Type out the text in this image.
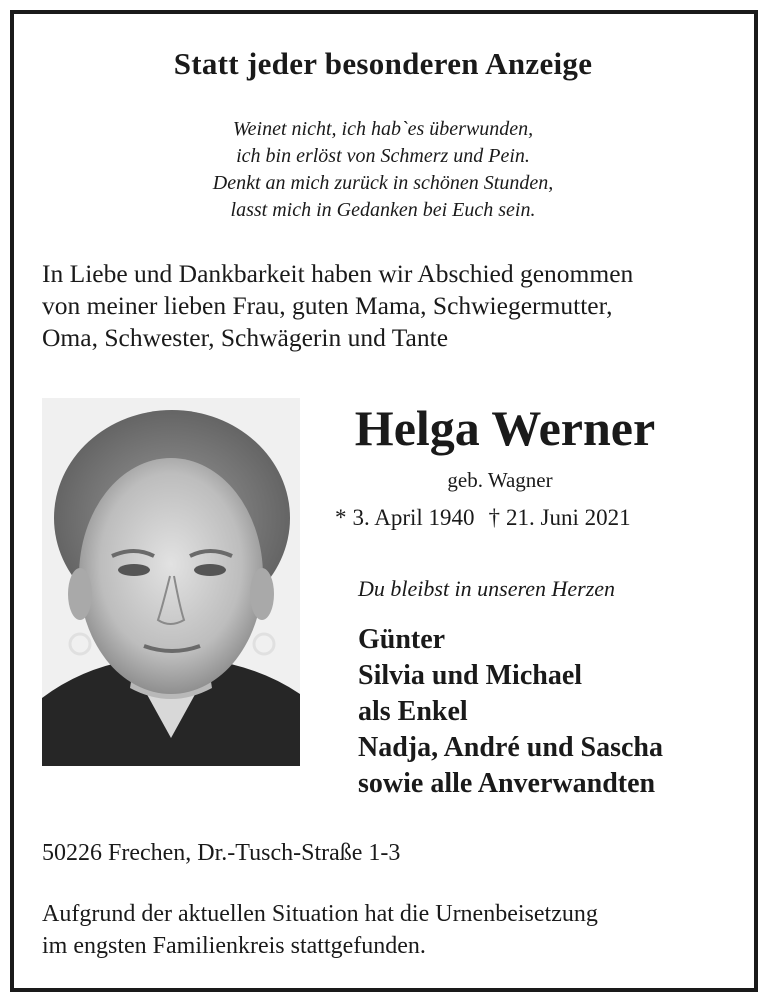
Statt jeder besonderen Anzeige
Weinet nicht, ich hab`es überwunden,
ich bin erlöst von Schmerz und Pein.
Denkt an mich zurück in schönen Stunden,
lasst mich in Gedanken bei Euch sein.
In Liebe und Dankbarkeit haben wir Abschied genommen
von meiner lieben Frau, guten Mama, Schwiegermutter,
Oma, Schwester, Schwägerin und Tante
Helga Werner
geb. Wagner
* 3. April 1940 † 21. Juni 2021
Du bleibst in unseren Herzen
Günter
Silvia und Michael
als Enkel
Nadja, André und Sascha
sowie alle Anverwandten
50226 Frechen, Dr.-Tusch-Straße 1-3
Aufgrund der aktuellen Situation hat die Urnenbeisetzung
im engsten Familienkreis stattgefunden.
